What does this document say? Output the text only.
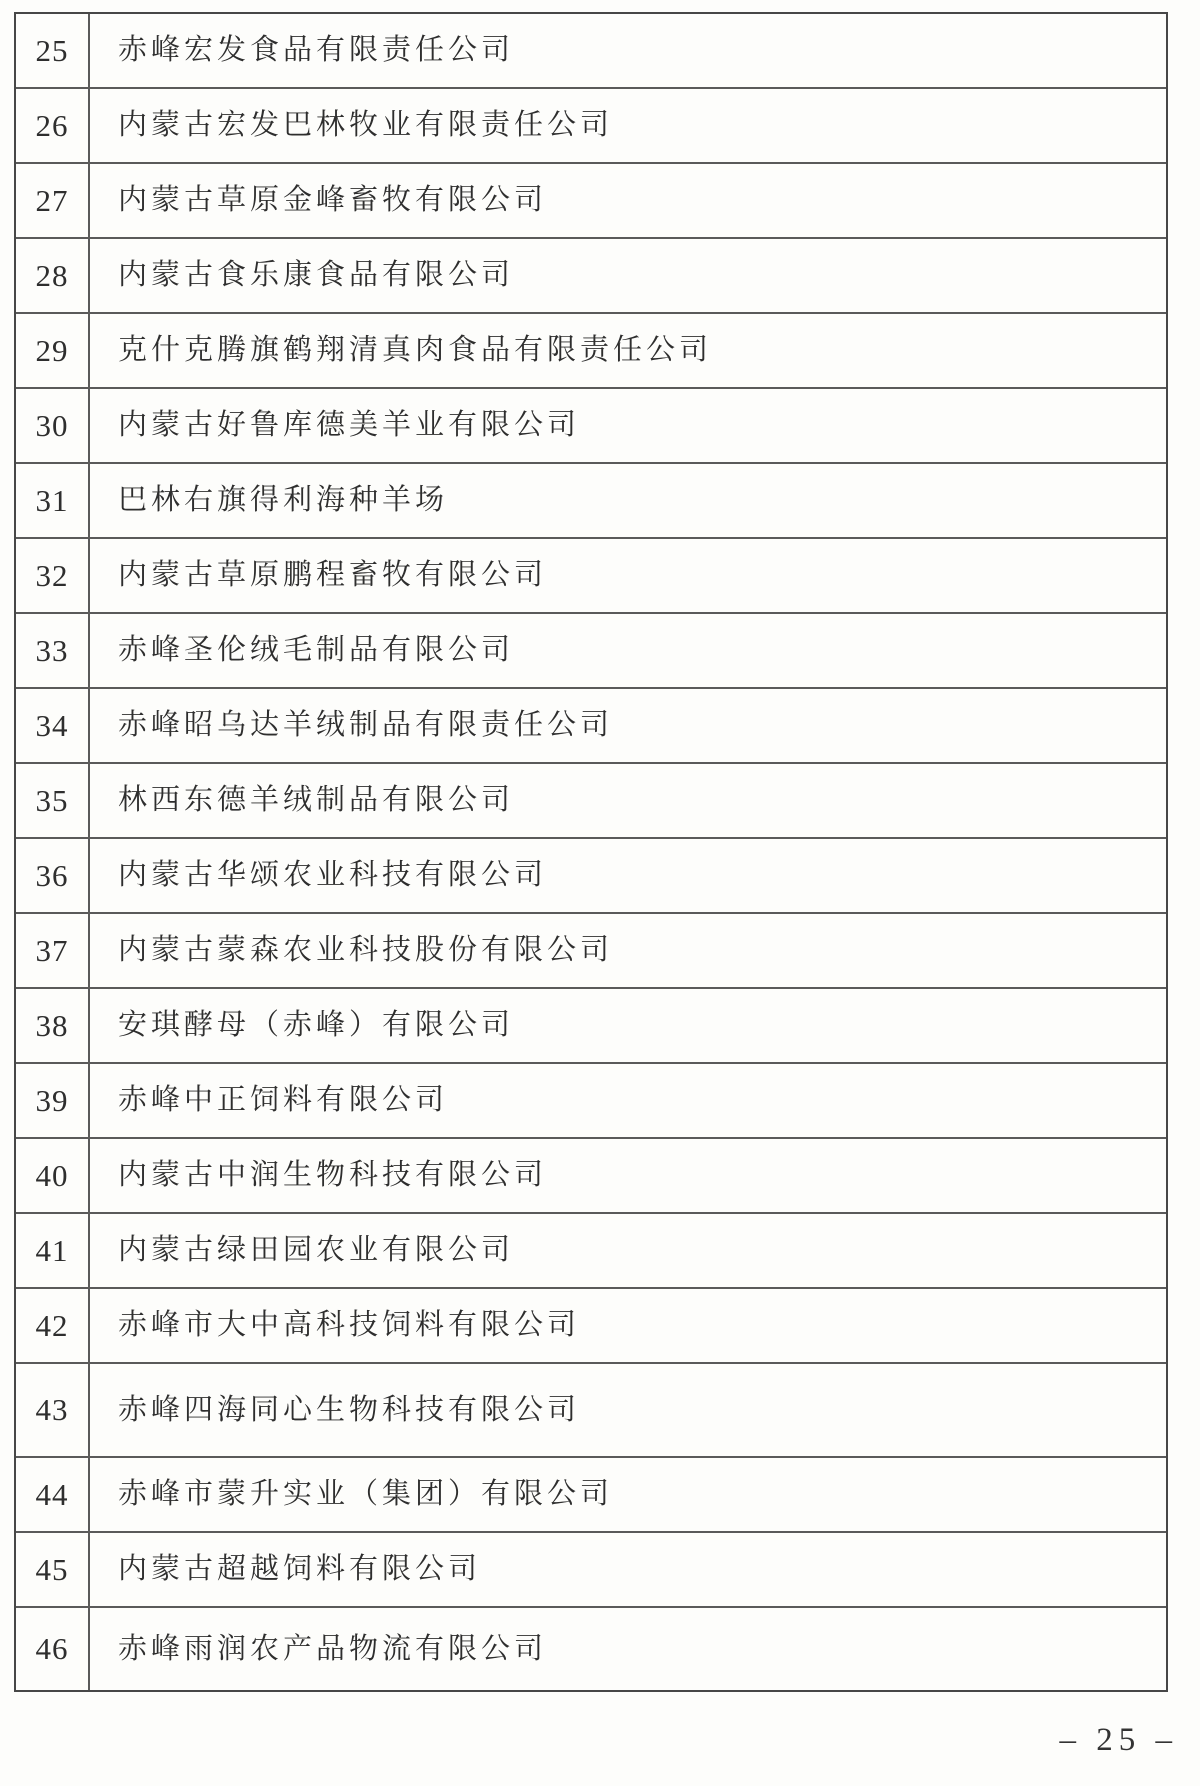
25	赤峰宏发食品有限责任公司
26	内蒙古宏发巴林牧业有限责任公司
27	内蒙古草原金峰畜牧有限公司
28	内蒙古食乐康食品有限公司
29	克什克腾旗鹤翔清真肉食品有限责任公司
30	内蒙古好鲁库德美羊业有限公司
31	巴林右旗得利海种羊场
32	内蒙古草原鹏程畜牧有限公司
33	赤峰圣伦绒毛制品有限公司
34	赤峰昭乌达羊绒制品有限责任公司
35	林西东德羊绒制品有限公司
36	内蒙古华颂农业科技有限公司
37	内蒙古蒙森农业科技股份有限公司
38	安琪酵母（赤峰）有限公司
39	赤峰中正饲料有限公司
40	内蒙古中润生物科技有限公司
41	内蒙古绿田园农业有限公司
42	赤峰市大中高科技饲料有限公司
43	赤峰四海同心生物科技有限公司
44	赤峰市蒙升实业（集团）有限公司
45	内蒙古超越饲料有限公司
46	赤峰雨润农产品物流有限公司
– 25 –
